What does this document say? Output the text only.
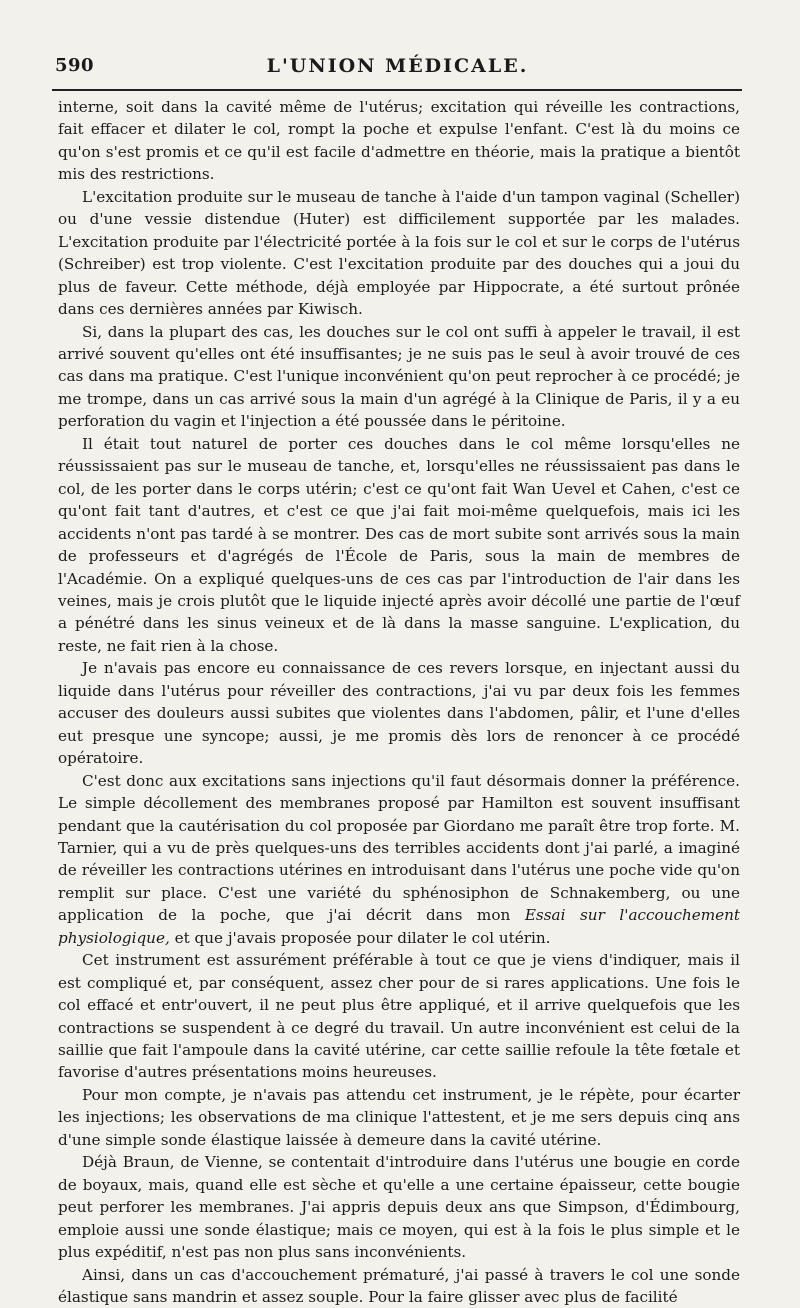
590	L'UNION MÉDICALE.

interne, soit dans la cavité même de l'utérus; excitation qui réveille les contractions, fait effacer et dilater le col, rompt la poche et expulse l'enfant. C'est là du moins ce qu'on s'est promis et ce qu'il est facile d'admettre en théorie, mais la pratique a bientôt mis des restrictions.

L'excitation produite sur le museau de tanche à l'aide d'un tampon vaginal (Scheller) ou d'une vessie distendue (Huter) est difficilement supportée par les malades. L'excitation produite par l'électricité portée à la fois sur le col et sur le corps de l'utérus (Schreiber) est trop violente. C'est l'excitation produite par des douches qui a joui du plus de faveur. Cette méthode, déjà employée par Hippocrate, a été surtout prônée dans ces dernières années par Kiwisch.

Si, dans la plupart des cas, les douches sur le col ont suffi à appeler le travail, il est arrivé souvent qu'elles ont été insuffisantes; je ne suis pas le seul à avoir trouvé de ces cas dans ma pratique. C'est l'unique inconvénient qu'on peut reprocher à ce procédé; je me trompe, dans un cas arrivé sous la main d'un agrégé à la Clinique de Paris, il y a eu perforation du vagin et l'injection a été poussée dans le péritoine.

Il était tout naturel de porter ces douches dans le col même lorsqu'elles ne réussissaient pas sur le museau de tanche, et, lorsqu'elles ne réussissaient pas dans le col, de les porter dans le corps utérin; c'est ce qu'ont fait Wan Uevel et Cahen, c'est ce qu'ont fait tant d'autres, et c'est ce que j'ai fait moi-même quelquefois, mais ici les accidents n'ont pas tardé à se montrer. Des cas de mort subite sont arrivés sous la main de professeurs et d'agrégés de l'École de Paris, sous la main de membres de l'Académie. On a expliqué quelques-uns de ces cas par l'introduction de l'air dans les veines, mais je crois plutôt que le liquide injecté après avoir décollé une partie de l'œuf a pénétré dans les sinus veineux et de là dans la masse sanguine. L'explication, du reste, ne fait rien à la chose.

Je n'avais pas encore eu connaissance de ces revers lorsque, en injectant aussi du liquide dans l'utérus pour réveiller des contractions, j'ai vu par deux fois les femmes accuser des douleurs aussi subites que violentes dans l'abdomen, pâlir, et l'une d'elles eut presque une syncope; aussi, je me promis dès lors de renoncer à ce procédé opératoire.

C'est donc aux excitations sans injections qu'il faut désormais donner la préférence. Le simple décollement des membranes proposé par Hamilton est souvent insuffisant pendant que la cautérisation du col proposée par Giordano me paraît être trop forte. M. Tarnier, qui a vu de près quelques-uns des terribles accidents dont j'ai parlé, a imaginé de réveiller les contractions utérines en introduisant dans l'utérus une poche vide qu'on remplit sur place. C'est une variété du sphénosiphon de Schnakemberg, ou une application de la poche, que j'ai décrit dans mon Essai sur l'accouchement physiologique, et que j'avais proposée pour dilater le col utérin.

Cet instrument est assurément préférable à tout ce que je viens d'indiquer, mais il est compliqué et, par conséquent, assez cher pour de si rares applications. Une fois le col effacé et entr'ouvert, il ne peut plus être appliqué, et il arrive quelquefois que les contractions se suspendent à ce degré du travail. Un autre inconvénient est celui de la saillie que fait l'ampoule dans la cavité utérine, car cette saillie refoule la tête fœtale et favorise d'autres présentations moins heureuses.

Pour mon compte, je n'avais pas attendu cet instrument, je le répète, pour écarter les injections; les observations de ma clinique l'attestent, et je me sers depuis cinq ans d'une simple sonde élastique laissée à demeure dans la cavité utérine.

Déjà Braun, de Vienne, se contentait d'introduire dans l'utérus une bougie en corde de boyaux, mais, quand elle est sèche et qu'elle a une certaine épaisseur, cette bougie peut perforer les membranes. J'ai appris depuis deux ans que Simpson, d'Édimbourg, emploie aussi une sonde élastique; mais ce moyen, qui est à la fois le plus simple et le plus expéditif, n'est pas non plus sans inconvénients.

Ainsi, dans un cas d'accouchement prématuré, j'ai passé à travers le col une sonde élastique sans mandrin et assez souple. Pour la faire glisser avec plus de facilité
